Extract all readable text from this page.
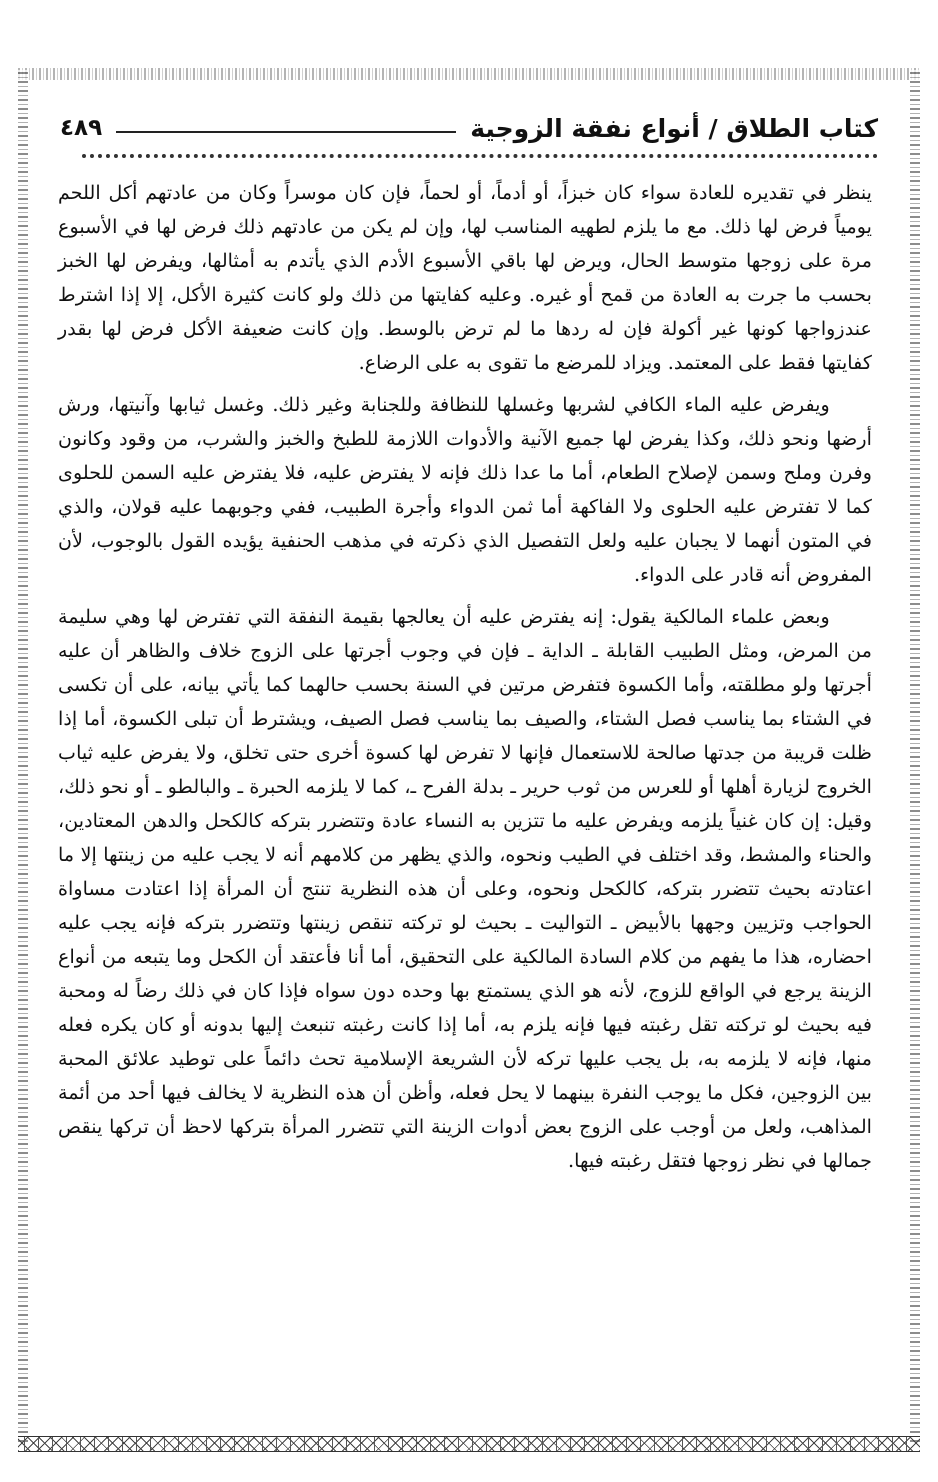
كتاب الطلاق / أنواع نفقة الزوجية
٤٨٩

ينظر في تقديره للعادة سواء كان خبزاً، أو أدماً، أو لحماً، فإن كان موسراً وكان من عادتهم أكل اللحم يومياً فرض لها ذلك. مع ما يلزم لطهيه المناسب لها، وإن لم يكن من عادتهم ذلك فرض لها في الأسبوع مرة على زوجها متوسط الحال، ويرض لها باقي الأسبوع الأدم الذي يأتدم به أمثالها، ويفرض لها الخبز بحسب ما جرت به العادة من قمح أو غيره. وعليه كفايتها من ذلك ولو كانت كثيرة الأكل، إلا إذا اشترط عندزواجها كونها غير أكولة فإن له ردها ما لم ترض بالوسط. وإن كانت ضعيفة الأكل فرض لها بقدر كفايتها فقط على المعتمد. ويزاد للمرضع ما تقوى به على الرضاع.

ويفرض عليه الماء الكافي لشربها وغسلها للنظافة وللجنابة وغير ذلك. وغسل ثيابها وآنيتها، ورش أرضها ونحو ذلك، وكذا يفرض لها جميع الآنية والأدوات اللازمة للطبخ والخبز والشرب، من وقود وكانون وفرن وملح وسمن لإصلاح الطعام، أما ما عدا ذلك فإنه لا يفترض عليه، فلا يفترض عليه السمن للحلوى كما لا تفترض عليه الحلوى ولا الفاكهة أما ثمن الدواء وأجرة الطبيب، ففي وجوبهما عليه قولان، والذي في المتون أنهما لا يجبان عليه ولعل التفصيل الذي ذكرته في مذهب الحنفية يؤيده القول بالوجوب، لأن المفروض أنه قادر على الدواء.

وبعض علماء المالكية يقول: إنه يفترض عليه أن يعالجها بقيمة النفقة التي تفترض لها وهي سليمة من المرض، ومثل الطبيب القابلة ـ الداية ـ فإن في وجوب أجرتها على الزوج خلاف والظاهر أن عليه أجرتها ولو مطلقته، وأما الكسوة فتفرض مرتين في السنة بحسب حالهما كما يأتي بيانه، على أن تكسى في الشتاء بما يناسب فصل الشتاء، والصيف بما يناسب فصل الصيف، ويشترط أن تبلى الكسوة، أما إذا ظلت قريبة من جدتها صالحة للاستعمال فإنها لا تفرض لها كسوة أخرى حتى تخلق، ولا يفرض عليه ثياب الخروج لزيارة أهلها أو للعرس من ثوب حرير ـ بدلة الفرح ـ، كما لا يلزمه الحبرة ـ والبالطو ـ أو نحو ذلك، وقيل: إن كان غنياً يلزمه ويفرض عليه ما تتزين به النساء عادة وتتضرر بتركه كالكحل والدهن المعتادين، والحناء والمشط، وقد اختلف في الطيب ونحوه، والذي يظهر من كلامهم أنه لا يجب عليه من زينتها إلا ما اعتادته بحيث تتضرر بتركه، كالكحل ونحوه، وعلى أن هذه النظرية تنتج أن المرأة إذا اعتادت مساواة الحواجب وتزيين وجهها بالأبيض ـ التواليت ـ بحيث لو تركته تنقص زينتها وتتضرر بتركه فإنه يجب عليه احضاره، هذا ما يفهم من كلام السادة المالكية على التحقيق، أما أنا فأعتقد أن الكحل وما يتبعه من أنواع الزينة يرجع في الواقع للزوج، لأنه هو الذي يستمتع بها وحده دون سواه فإذا كان في ذلك رضاً له ومحبة فيه بحيث لو تركته تقل رغبته فيها فإنه يلزم به، أما إذا كانت رغبته تنبعث إليها بدونه أو كان يكره فعله منها، فإنه لا يلزمه به، بل يجب عليها تركه لأن الشريعة الإسلامية تحث دائماً على توطيد علائق المحبة بين الزوجين، فكل ما يوجب النفرة بينهما لا يحل فعله، وأظن أن هذه النظرية لا يخالف فيها أحد من أئمة المذاهب، ولعل من أوجب على الزوج بعض أدوات الزينة التي تتضرر المرأة بتركها لاحظ أن تركها ينقص جمالها في نظر زوجها فتقل رغبته فيها.
